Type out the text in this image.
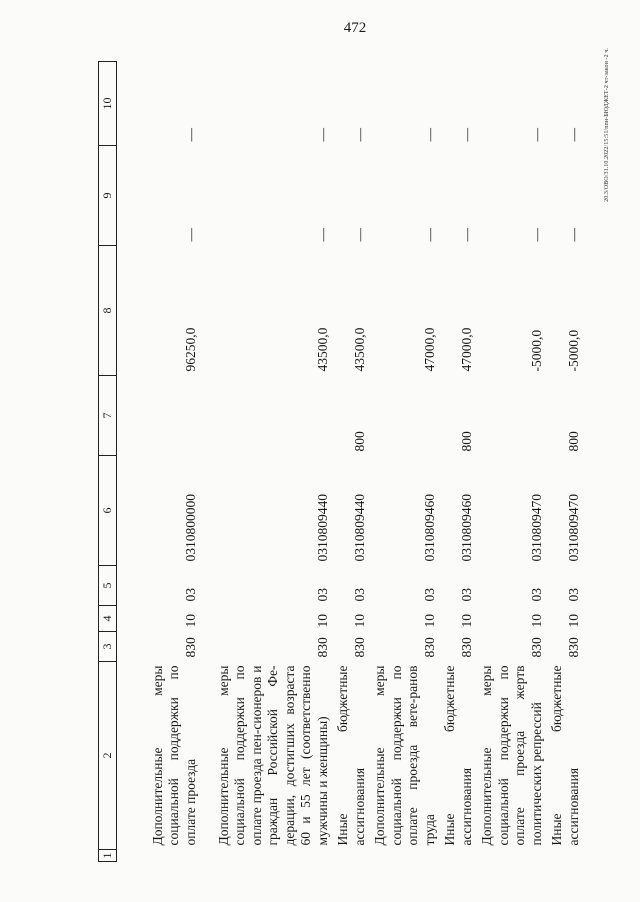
472
20.3/ОВО/31.10.2022/15:51/ппи-БЮДЖЕТ-2 чт-закон -2 ч.
1	2	3	4	5	6	7	8	9	10
	Дополнительные меры социальной поддержки по оплате проезда	830	10	03	0310800000		96250,0	—	—
	Дополнительные меры социальной поддержки по оплате проезда пен-сионеров и граждан Российской Фе-дерации, достигших возраста 60 и 55 лет (соответственно мужчины и женщины)	830	10	03	0310809440		43500,0	—	—
	Иные бюджетные ассигнования	830	10	03	0310809440	800	43500,0	—	—
	Дополнительные меры социальной поддержки по оплате проезда вете-ранов труда	830	10	03	0310809460		47000,0	—	—
	Иные бюджетные ассигнования	830	10	03	0310809460	800	47000,0	—	—
	Дополнительные меры социальной поддержки по оплате проезда жертв политических репрессий	830	10	03	0310809470		-5000,0	—	—
	Иные бюджетные ассигнования	830	10	03	0310809470	800	-5000,0	—	—
